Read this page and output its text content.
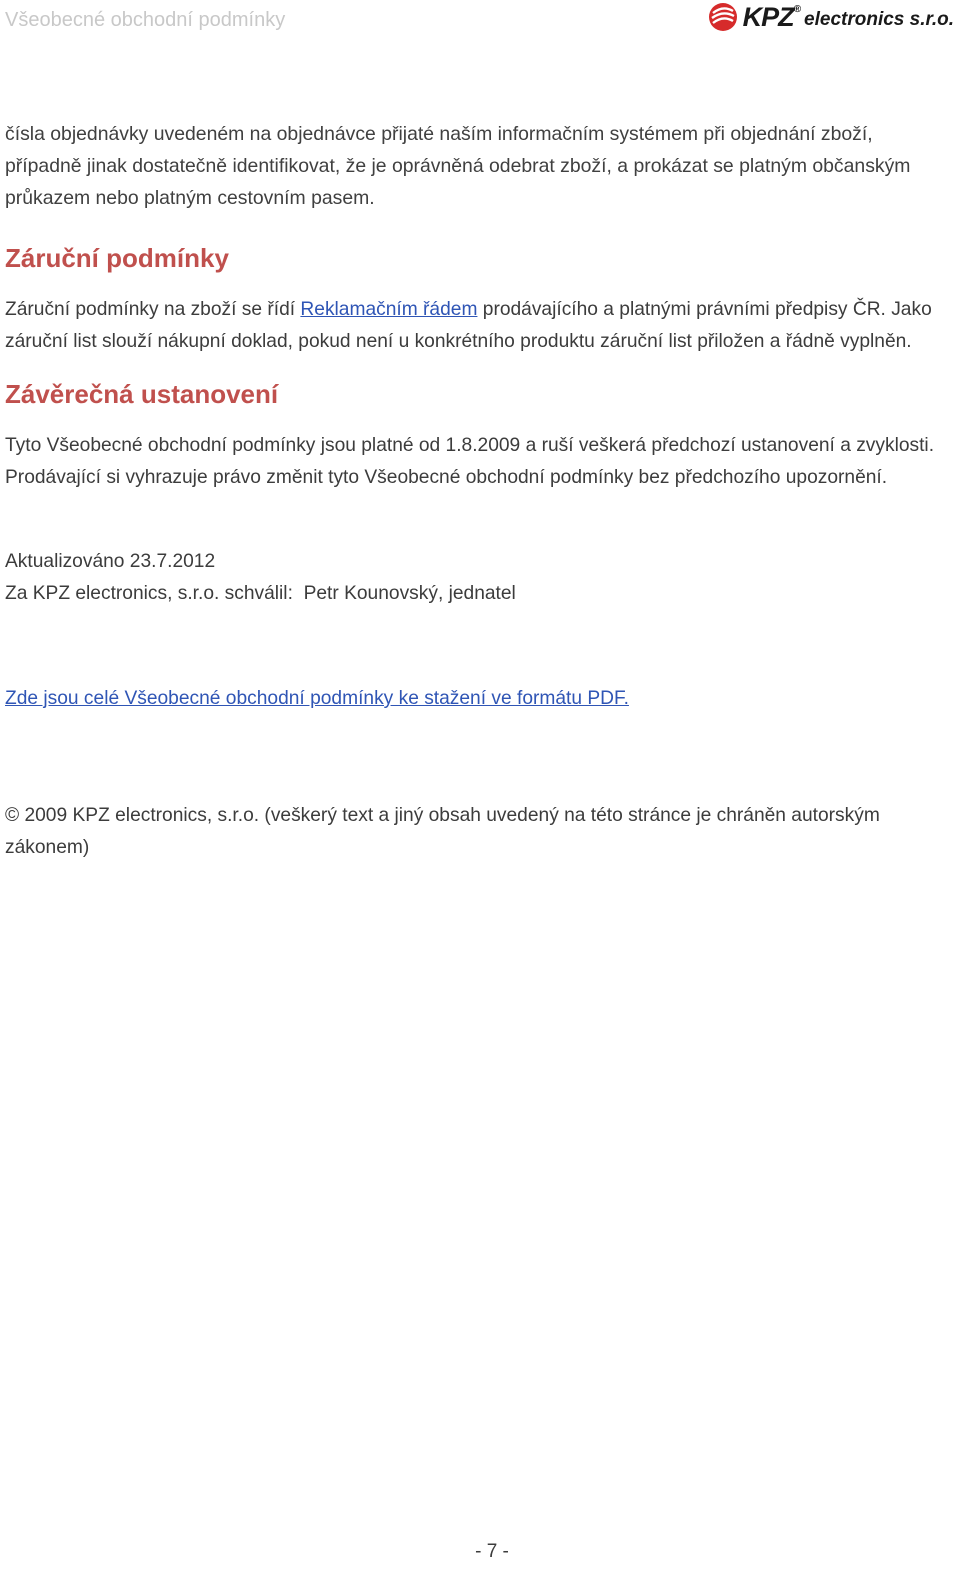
Všeobecné obchodní podmínky	KPZ® electronics s.r.o.

čísla objednávky uvedeném na objednávce přijaté naším informačním systémem při objednání zboží, případně jinak dostatečně identifikovat, že je oprávněná odebrat zboží, a prokázat se platným občanským průkazem nebo platným cestovním pasem.

Záruční podmínky

Záruční podmínky na zboží se řídí Reklamačním řádem prodávajícího a platnými právními předpisy ČR. Jako záruční list slouží nákupní doklad, pokud není u konkrétního produktu záruční list přiložen a řádně vyplněn.

Závěrečná ustanovení

Tyto Všeobecné obchodní podmínky jsou platné od 1.8.2009 a ruší veškerá předchozí ustanovení a zvyklosti. Prodávající si vyhrazuje právo změnit tyto Všeobecné obchodní podmínky bez předchozího upozornění.

Aktualizováno 23.7.2012

Za KPZ electronics, s.r.o. schválil:  Petr Kounovský, jednatel

Zde jsou celé Všeobecné obchodní podmínky ke stažení ve formátu PDF.

© 2009 KPZ electronics, s.r.o. (veškerý text a jiný obsah uvedený na této stránce je chráněn autorským zákonem)

- 7 -
